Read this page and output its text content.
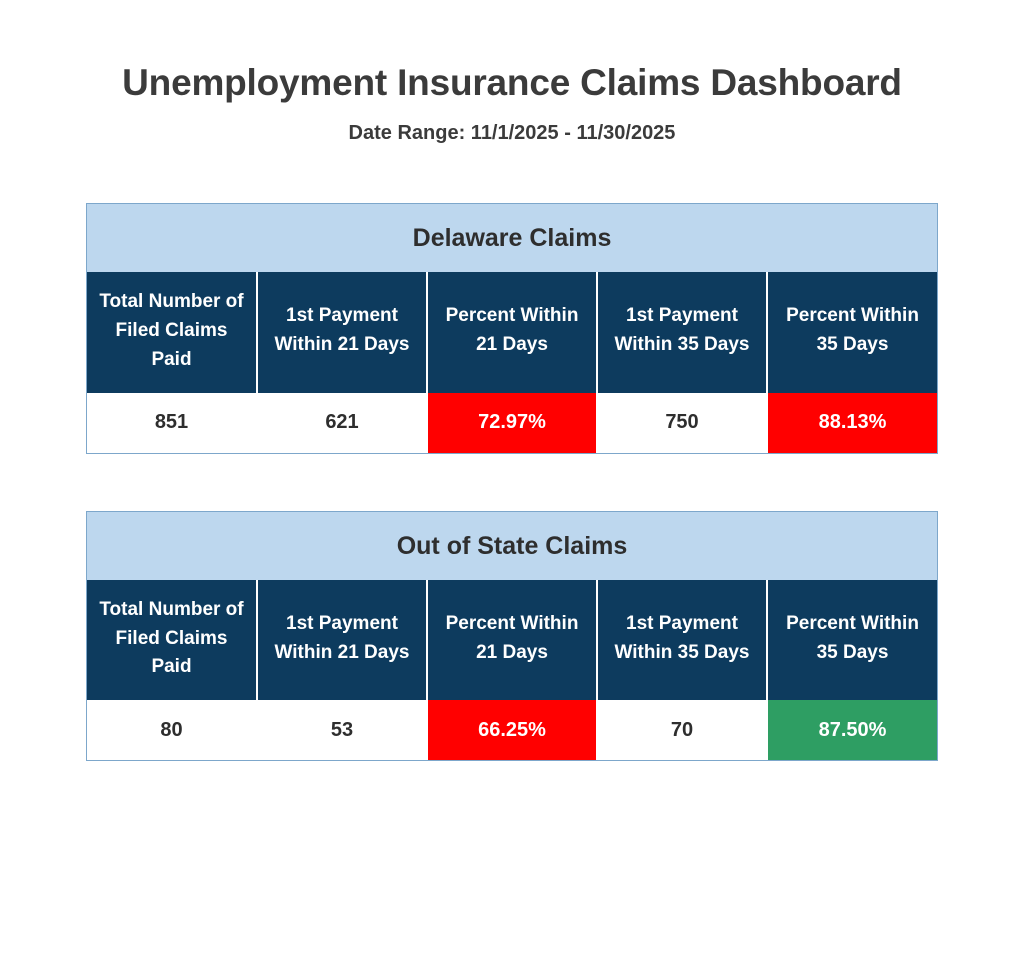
Unemployment Insurance Claims Dashboard
Date Range: 11/1/2025 - 11/30/2025
Delaware Claims
Total Number of Filed Claims Paid	1st Payment Within 21 Days	Percent Within 21 Days	1st Payment Within 35 Days	Percent Within 35 Days

851	621	72.97%	750	88.13%
Out of State Claims
Total Number of Filed Claims Paid	1st Payment Within 21 Days	Percent Within 21 Days	1st Payment Within 35 Days	Percent Within 35 Days

80	53	66.25%	70	87.50%
